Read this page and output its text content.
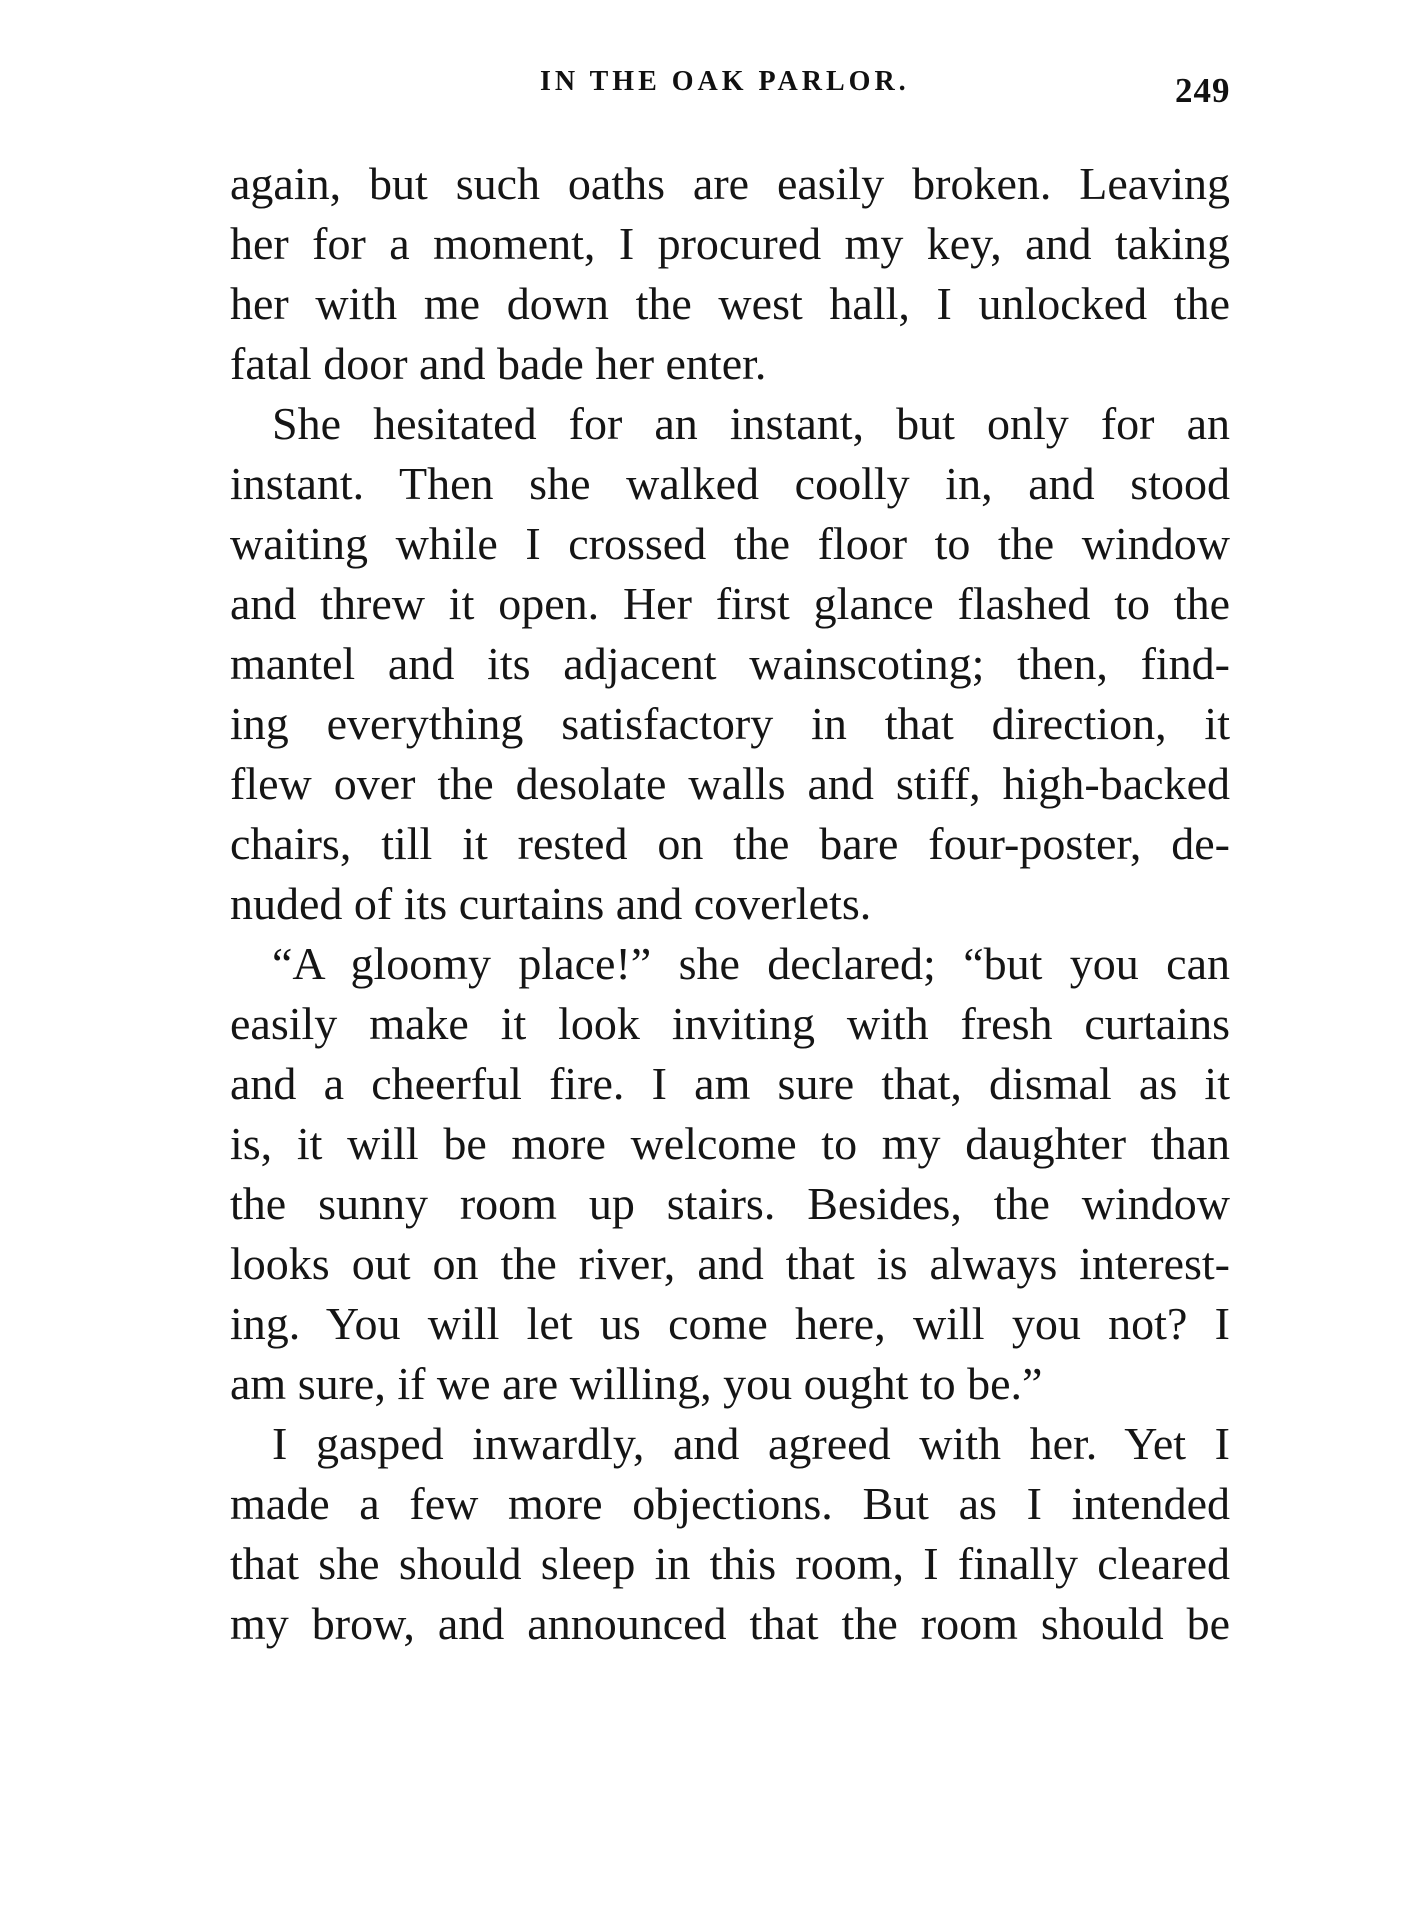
IN THE OAK PARLOR.	249
again, but such oaths are easily broken. Leaving
her for a moment, I procured my key, and taking
her with me down the west hall, I unlocked the
fatal door and bade her enter.
She hesitated for an instant, but only for an
instant. Then she walked coolly in, and stood
waiting while I crossed the floor to the window
and threw it open. Her first glance flashed to the
mantel and its adjacent wainscoting; then, find-
ing everything satisfactory in that direction, it
flew over the desolate walls and stiff, high-backed
chairs, till it rested on the bare four-poster, de-
nuded of its curtains and coverlets.
“A gloomy place!” she declared; “but you can
easily make it look inviting with fresh curtains
and a cheerful fire. I am sure that, dismal as it
is, it will be more welcome to my daughter than
the sunny room up stairs. Besides, the window
looks out on the river, and that is always interest-
ing. You will let us come here, will you not? I
am sure, if we are willing, you ought to be.”
I gasped inwardly, and agreed with her. Yet I
made a few more objections. But as I intended
that she should sleep in this room, I finally cleared
my brow, and announced that the room should be
